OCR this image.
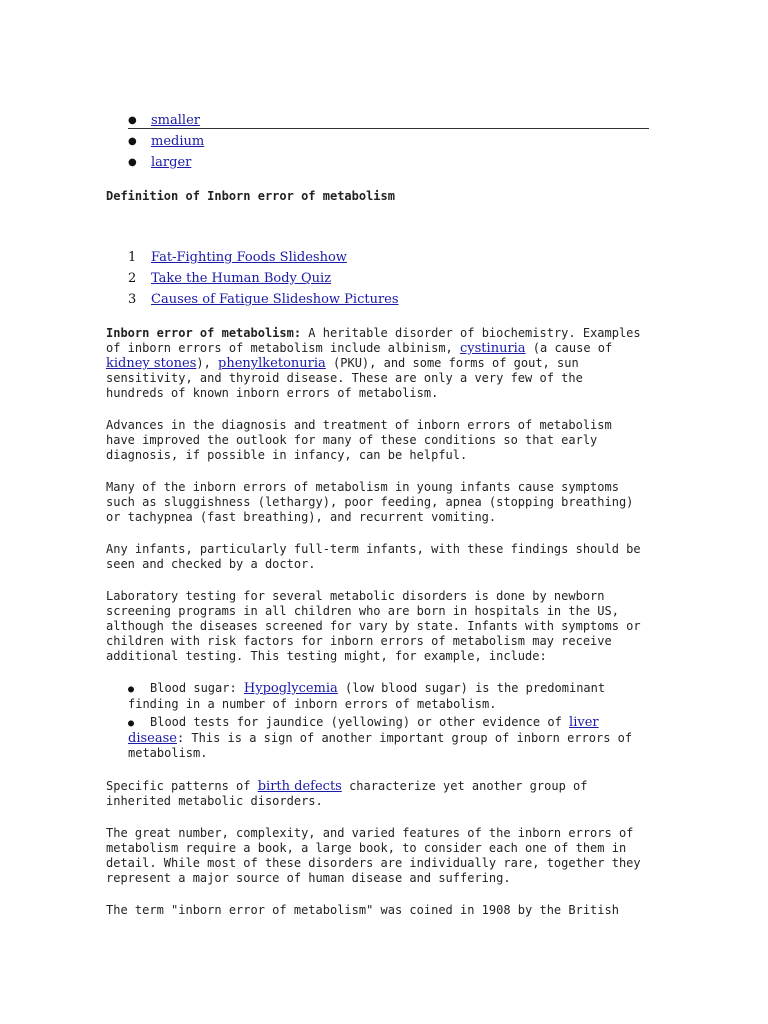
● smaller
● medium
● larger
Definition of Inborn error of metabolism
1 Fat-Fighting Foods Slideshow
2 Take the Human Body Quiz
3 Causes of Fatigue Slideshow Pictures

Inborn error of metabolism: A heritable disorder of biochemistry. Examples of inborn errors of metabolism include albinism, cystinuria (a cause of kidney stones), phenylketonuria (PKU), and some forms of gout, sun sensitivity, and thyroid disease. These are only a very few of the hundreds of known inborn errors of metabolism.

Advances in the diagnosis and treatment of inborn errors of metabolism have improved the outlook for many of these conditions so that early diagnosis, if possible in infancy, can be helpful.

Many of the inborn errors of metabolism in young infants cause symptoms such as sluggishness (lethargy), poor feeding, apnea (stopping breathing) or tachypnea (fast breathing), and recurrent vomiting.

Any infants, particularly full-term infants, with these findings should be seen and checked by a doctor.

Laboratory testing for several metabolic disorders is done by newborn screening programs in all children who are born in hospitals in the US, although the diseases screened for vary by state. Infants with symptoms or children with risk factors for inborn errors of metabolism may receive additional testing. This testing might, for example, include:

● Blood sugar: Hypoglycemia (low blood sugar) is the predominant finding in a number of inborn errors of metabolism.
● Blood tests for jaundice (yellowing) or other evidence of liver disease: This is a sign of another important group of inborn errors of metabolism.

Specific patterns of birth defects characterize yet another group of inherited metabolic disorders.

The great number, complexity, and varied features of the inborn errors of metabolism require a book, a large book, to consider each one of them in detail. While most of these disorders are individually rare, together they represent a major source of human disease and suffering.

The term "inborn error of metabolism" was coined in 1908 by the British
